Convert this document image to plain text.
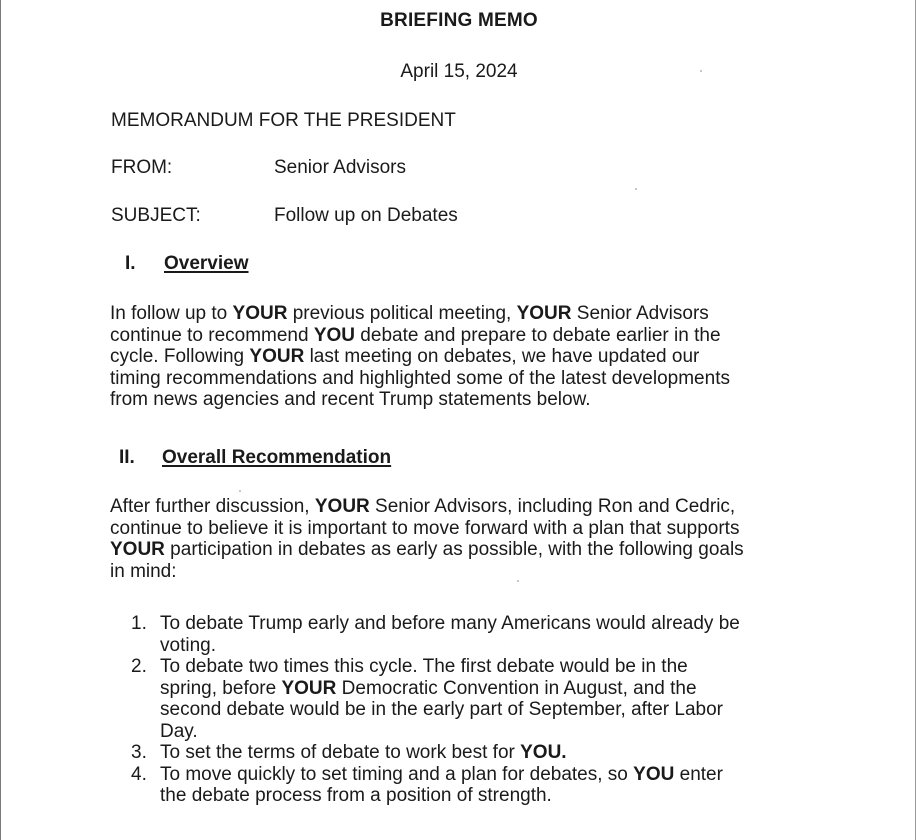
BRIEFING MEMO
April 15, 2024
MEMORANDUM FOR THE PRESIDENT
FROM:	Senior Advisors
SUBJECT:	Follow up on Debates
I. Overview
In follow up to YOUR previous political meeting, YOUR Senior Advisors
continue to recommend YOU debate and prepare to debate earlier in the
cycle. Following YOUR last meeting on debates, we have updated our
timing recommendations and highlighted some of the latest developments
from news agencies and recent Trump statements below.
II. Overall Recommendation
After further discussion, YOUR Senior Advisors, including Ron and Cedric,
continue to believe it is important to move forward with a plan that supports
YOUR participation in debates as early as possible, with the following goals
in mind:
1. To debate Trump early and before many Americans would already be
voting.
2. To debate two times this cycle. The first debate would be in the
spring, before YOUR Democratic Convention in August, and the
second debate would be in the early part of September, after Labor
Day.
3. To set the terms of debate to work best for YOU.
4. To move quickly to set timing and a plan for debates, so YOU enter
the debate process from a position of strength.
